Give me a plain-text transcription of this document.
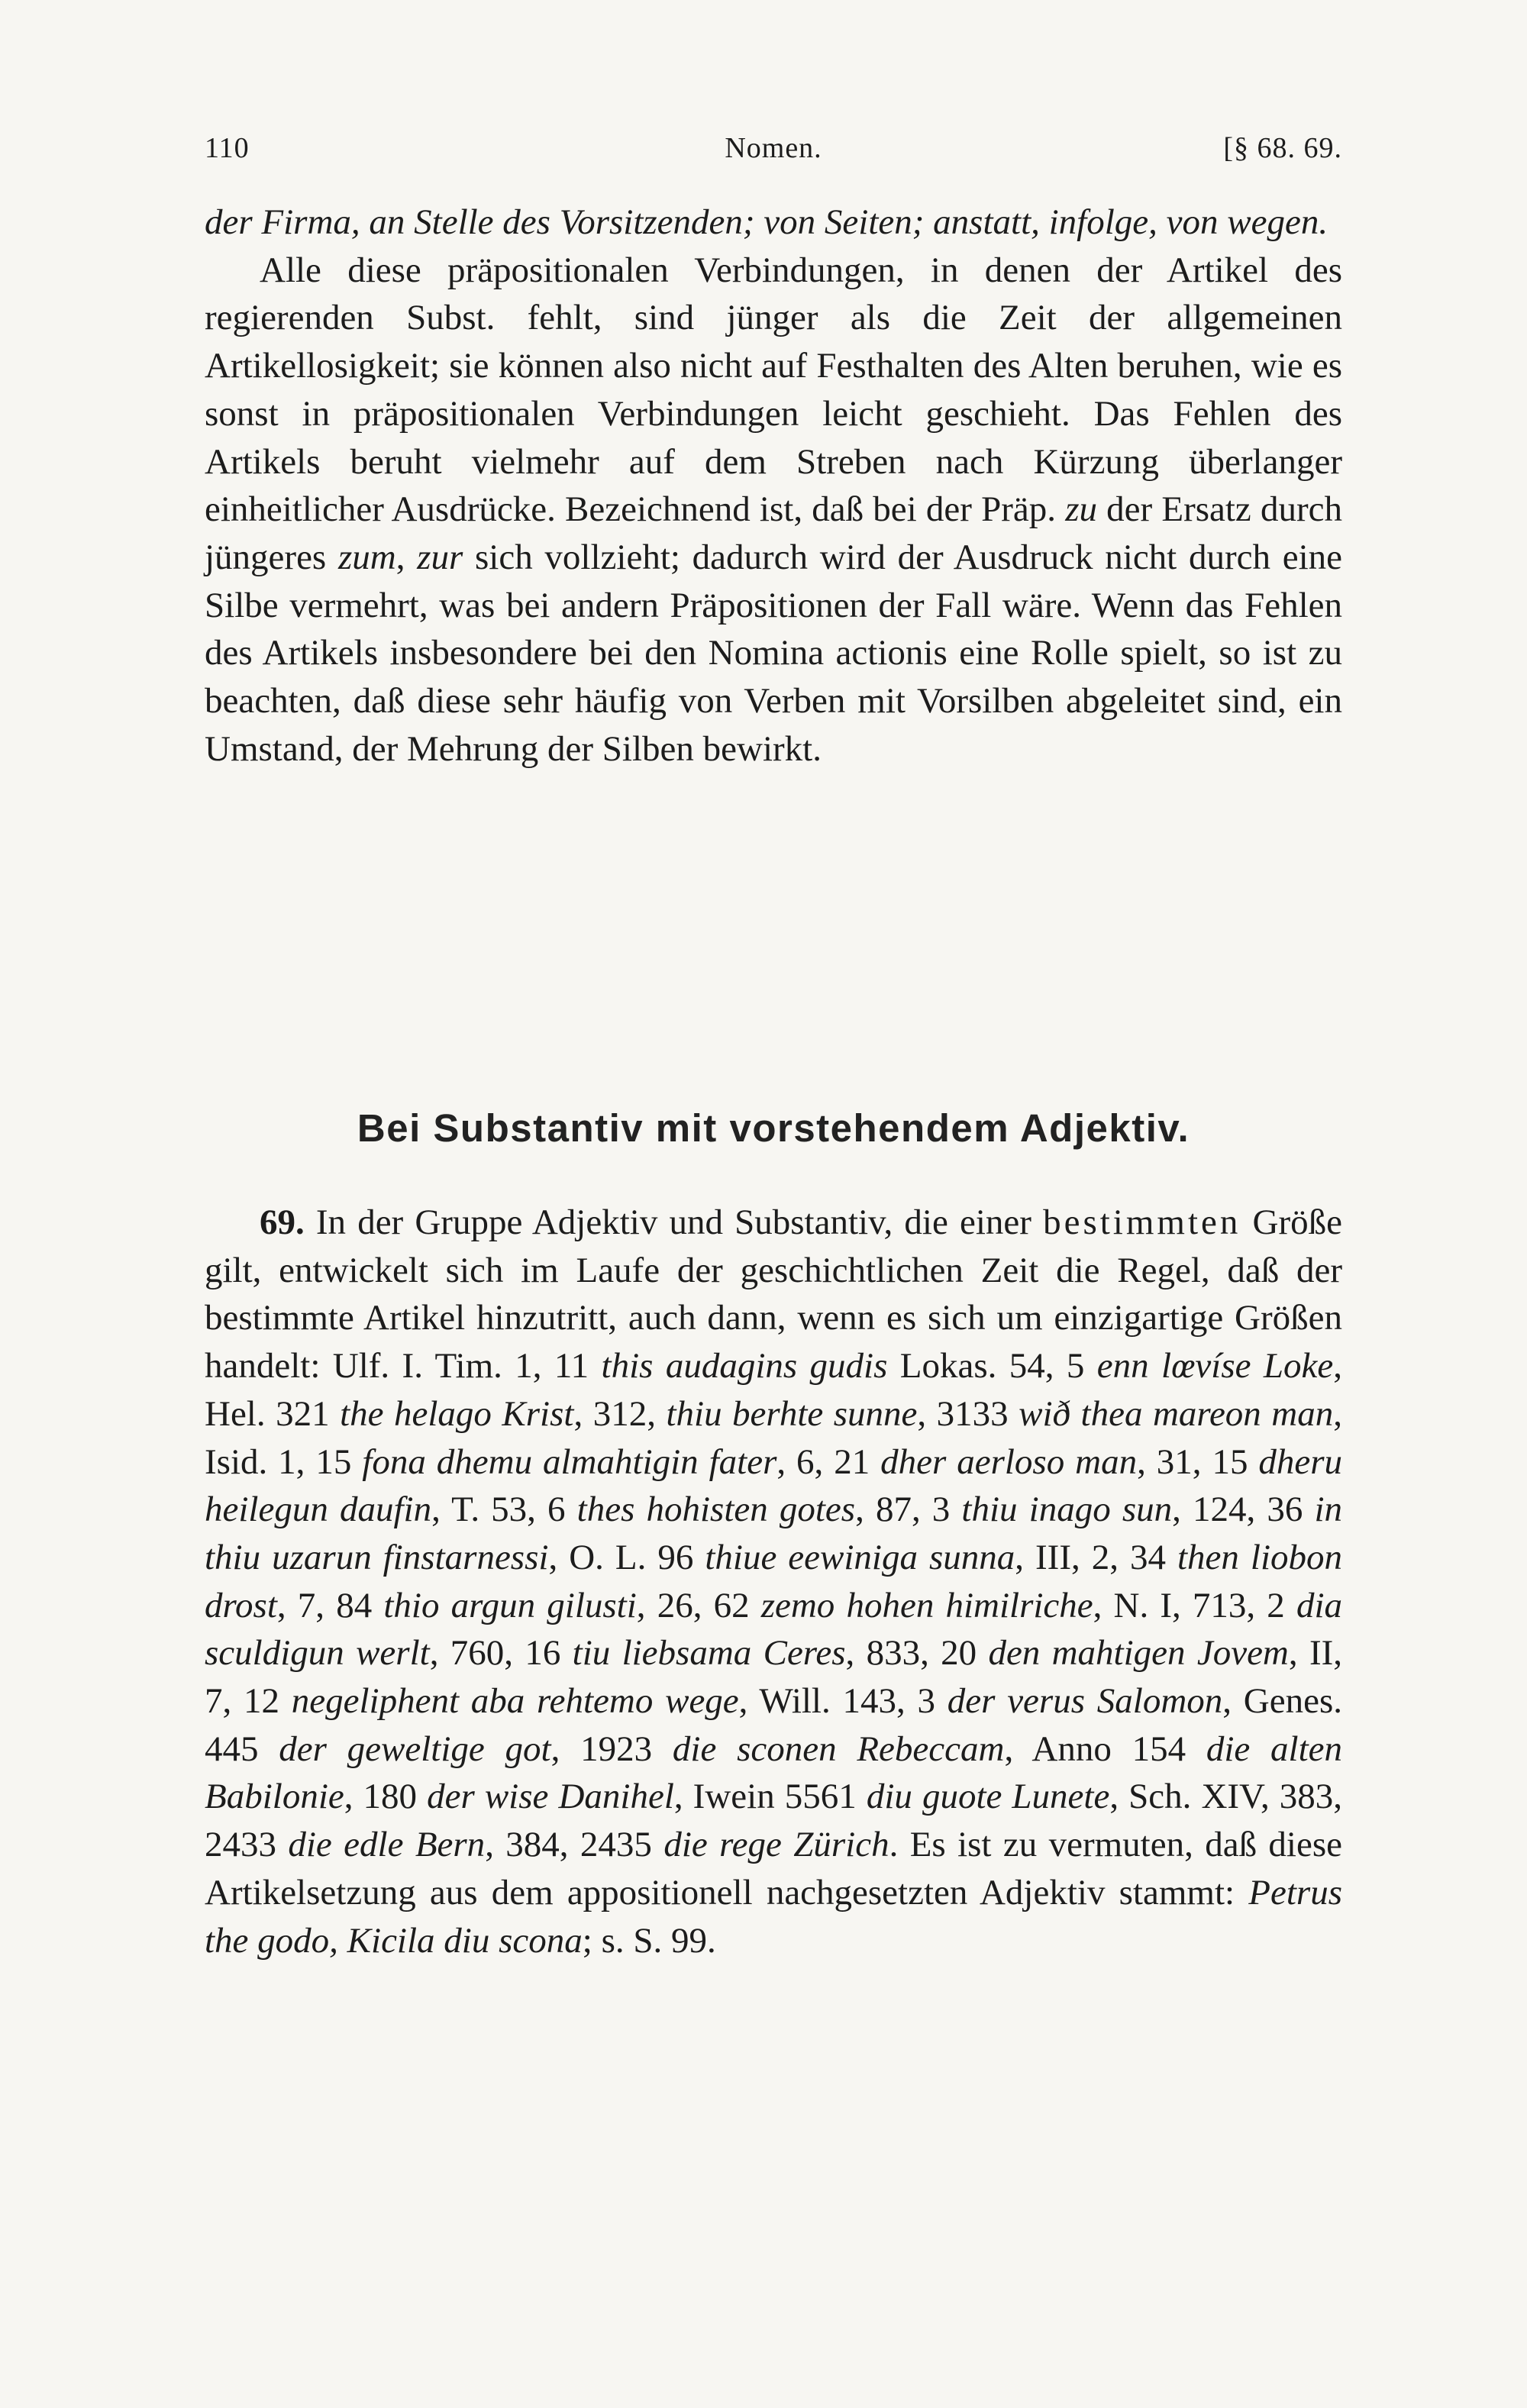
110	Nomen.	[§ 68. 69.

der Firma, an Stelle des Vorsitzenden; von Seiten; anstatt, infolge, von wegen.

Alle diese präpositionalen Verbindungen, in denen der Artikel des regierenden Subst. fehlt, sind jünger als die Zeit der allgemeinen Artikellosigkeit; sie können also nicht auf Festhalten des Alten beruhen, wie es sonst in präpositionalen Verbindungen leicht geschieht. Das Fehlen des Artikels beruht vielmehr auf dem Streben nach Kürzung überlanger einheitlicher Ausdrücke. Bezeichnend ist, daß bei der Präp. zu der Ersatz durch jüngeres zum, zur sich vollzieht; dadurch wird der Ausdruck nicht durch eine Silbe vermehrt, was bei andern Präpositionen der Fall wäre. Wenn das Fehlen des Artikels insbesondere bei den Nomina actionis eine Rolle spielt, so ist zu beachten, daß diese sehr häufig von Verben mit Vorsilben abgeleitet sind, ein Umstand, der Mehrung der Silben bewirkt.

Bei Substantiv mit vorstehendem Adjektiv.

69. In der Gruppe Adjektiv und Substantiv, die einer bestimmten Größe gilt, entwickelt sich im Laufe der geschichtlichen Zeit die Regel, daß der bestimmte Artikel hinzutritt, auch dann, wenn es sich um einzigartige Größen handelt: Ulf. I. Tim. 1, 11 this audagins gudis Lokas. 54, 5 enn lœvíse Loke, Hel. 321 the helago Krist, 312, thiu berhte sunne, 3133 wið thea mareon man, Isid. 1, 15 fona dhemu almahtigin fater, 6, 21 dher aerloso man, 31, 15 dheru heilegun daufin, T. 53, 6 thes hohisten gotes, 87, 3 thiu inago sun, 124, 36 in thiu uzarun finstarnessi, O. L. 96 thiue eewiniga sunna, III, 2, 34 then liobon drost, 7, 84 thio argun gilusti, 26, 62 zemo hohen himilriche, N. I, 713, 2 dia sculdigun werlt, 760, 16 tiu liebsama Ceres, 833, 20 den mahtigen Jovem, II, 7, 12 negeliphent aba rehtemo wege, Will. 143, 3 der verus Salomon, Genes. 445 der geweltige got, 1923 die sconen Rebeccam, Anno 154 die alten Babilonie, 180 der wise Danihel, Iwein 5561 diu guote Lunete, Sch. XIV, 383, 2433 die edle Bern, 384, 2435 die rege Zürich. Es ist zu vermuten, daß diese Artikelsetzung aus dem appositionell nachgesetzten Adjektiv stammt: Petrus the godo, Kicila diu scona; s. S. 99.
